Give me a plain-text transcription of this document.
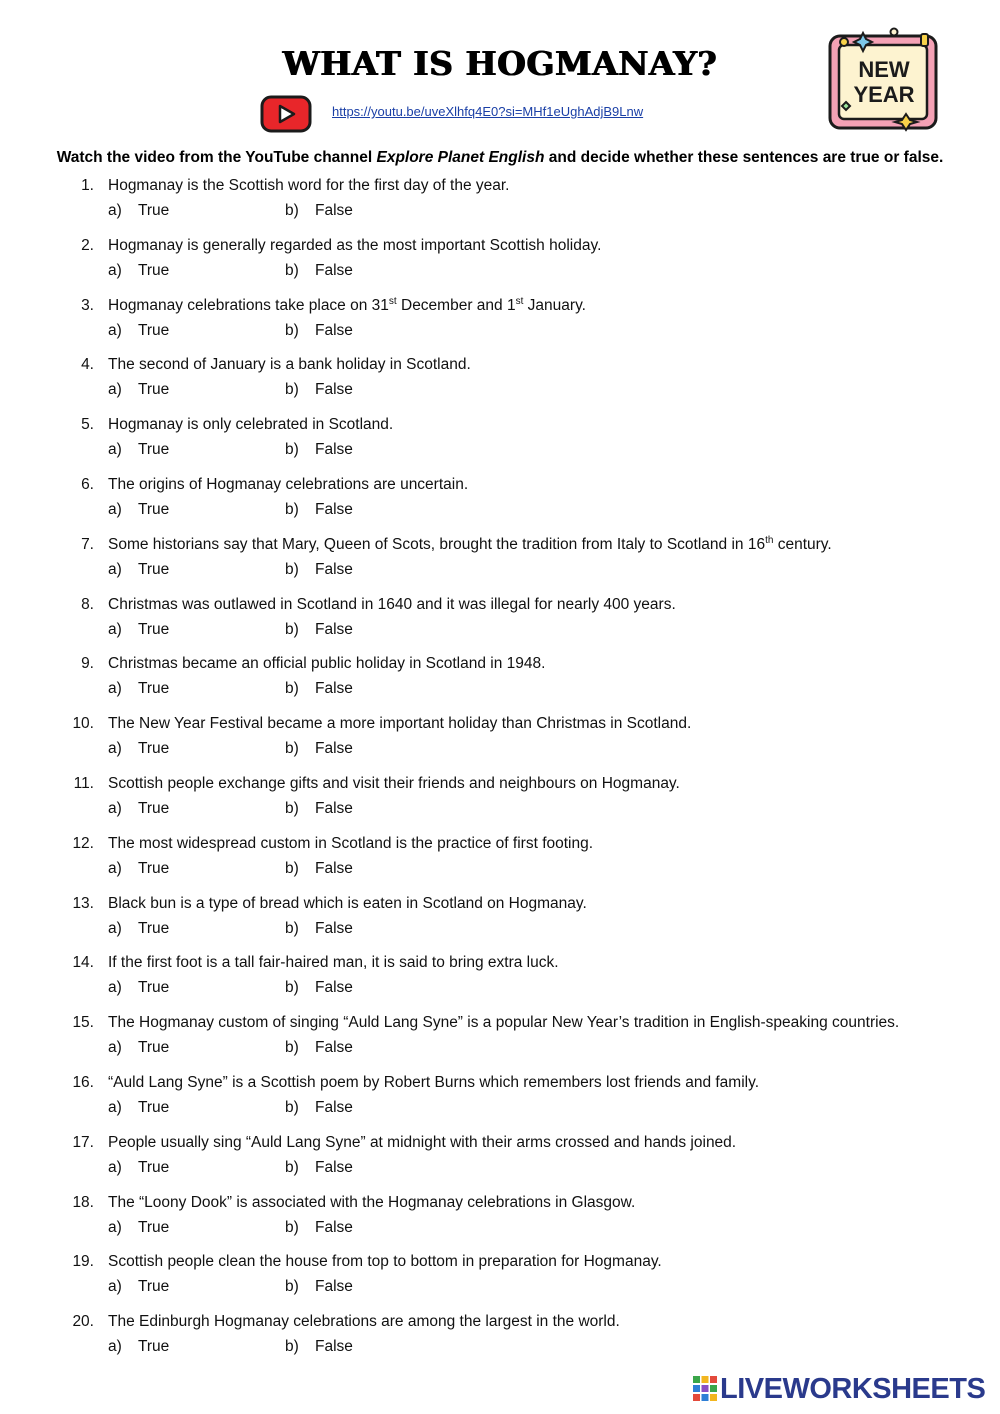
WHAT IS HOGMANAY?
https://youtu.be/uveXlhfq4E0?si=MHf1eUghAdjB9Lnw
NEW
YEAR
Watch the video from the YouTube channel Explore Planet English and decide whether these sentences are true or false.
1. Hogmanay is the Scottish word for the first day of the year.
a) True	b) False
2. Hogmanay is generally regarded as the most important Scottish holiday.
a) True	b) False
3. Hogmanay celebrations take place on 31st December and 1st January.
a) True	b) False
4. The second of January is a bank holiday in Scotland.
a) True	b) False
5. Hogmanay is only celebrated in Scotland.
a) True	b) False
6. The origins of Hogmanay celebrations are uncertain.
a) True	b) False
7. Some historians say that Mary, Queen of Scots, brought the tradition from Italy to Scotland in 16th century.
a) True	b) False
8. Christmas was outlawed in Scotland in 1640 and it was illegal for nearly 400 years.
a) True	b) False
9. Christmas became an official public holiday in Scotland in 1948.
a) True	b) False
10. The New Year Festival became a more important holiday than Christmas in Scotland.
a) True	b) False
11. Scottish people exchange gifts and visit their friends and neighbours on Hogmanay.
a) True	b) False
12. The most widespread custom in Scotland is the practice of first footing.
a) True	b) False
13. Black bun is a type of bread which is eaten in Scotland on Hogmanay.
a) True	b) False
14. If the first foot is a tall fair-haired man, it is said to bring extra luck.
a) True	b) False
15. The Hogmanay custom of singing “Auld Lang Syne” is a popular New Year’s tradition in English-speaking countries.
a) True	b) False
16. “Auld Lang Syne” is a Scottish poem by Robert Burns which remembers lost friends and family.
a) True	b) False
17. People usually sing “Auld Lang Syne” at midnight with their arms crossed and hands joined.
a) True	b) False
18. The “Loony Dook” is associated with the Hogmanay celebrations in Glasgow.
a) True	b) False
19. Scottish people clean the house from top to bottom in preparation for Hogmanay.
a) True	b) False
20. The Edinburgh Hogmanay celebrations are among the largest in the world.
a) True	b) False
LIVEWORKSHEETS
